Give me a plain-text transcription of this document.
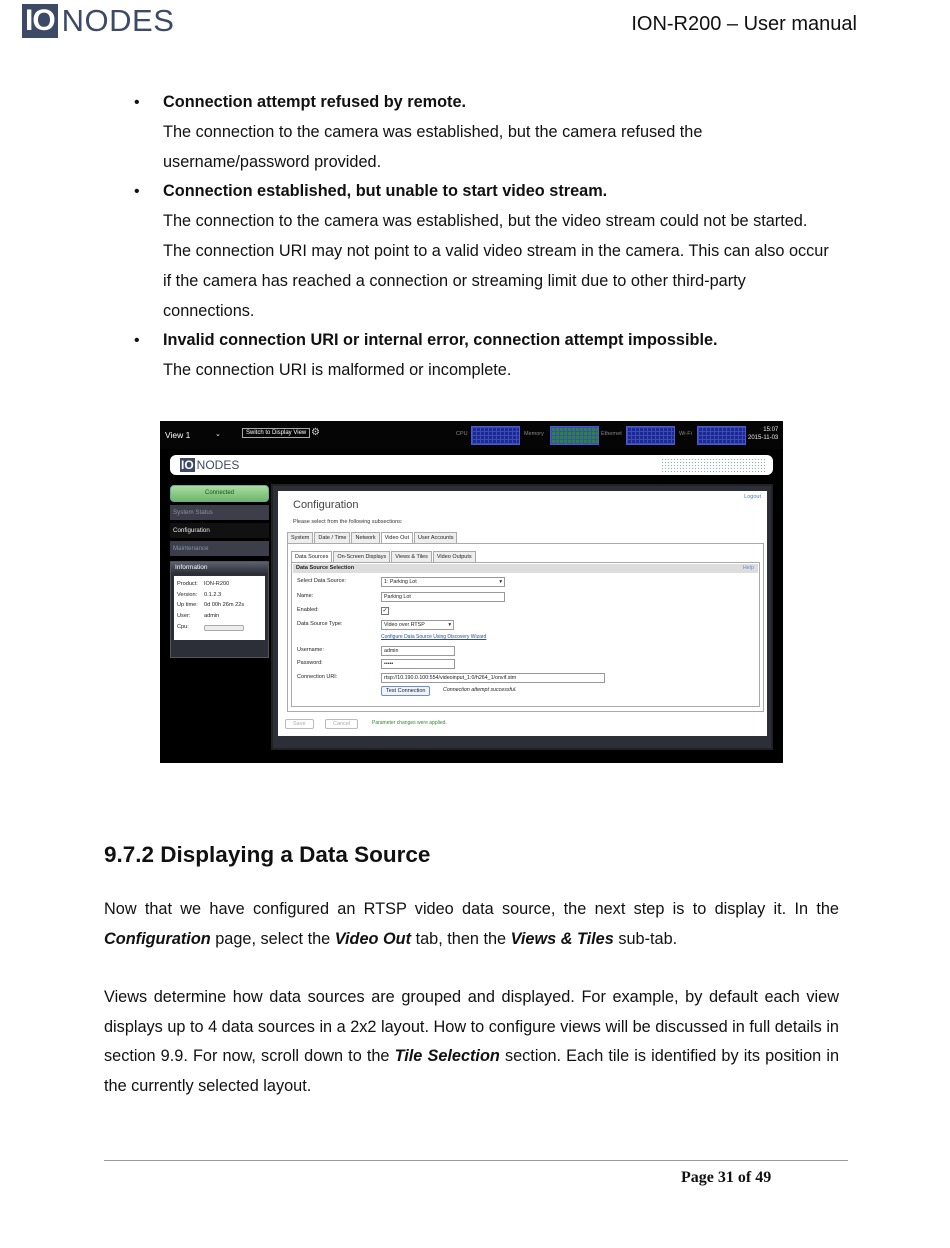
IO NODES	ION-R200 – User manual
• Connection attempt refused by remote.
The connection to the camera was established, but the camera refused the username/password provided.
• Connection established, but unable to start video stream.
The connection to the camera was established, but the video stream could not be started. The connection URI may not point to a valid video stream in the camera. This can also occur if the camera has reached a connection or streaming limit due to other third-party connections.
• Invalid connection URI or internal error, connection attempt impossible.
The connection URI is malformed or incomplete.
View 1	⌄	Switch to Display View ⚙	CPU	Memory	Ethernet	Wi-Fi
15:07
2015-11-03
IO NODES
Connected
System Status
Configuration
Maintenance
Information
Product:	ION-R200
Version:	0.1.2.3
Up time:	0d 00h 26m 22s
User:	admin
Cpu:
Logout
Configuration
Please select from the following subsections:
System	Date / Time	Network	Video Out	User Accounts
Data Sources	On-Screen Displays	Views & Tiles	Video Outputs
Data Source Selection	Help
Select Data Source:	1: Parking Lot	▾
Name:	Parking Lot
Enabled:	✓
Data Source Type:	Video over RTSP	▾
Configure Data Source Using Discovery Wizard
Username:	admin
Password:	•••••
Connection URI:	rtsp://10.190.0.100:554/videoinput_1:0/h264_1/onvif.stm
Test Connection	Connection attempt successful.
Save	Cancel	Parameter changes were applied.
9.7.2 Displaying a Data Source
Now that we have configured an RTSP video data source, the next step is to display it. In the Configuration page, select the Video Out tab, then the Views & Tiles sub-tab.
Views determine how data sources are grouped and displayed. For example, by default each view displays up to 4 data sources in a 2x2 layout. How to configure views will be discussed in full details in section 9.9. For now, scroll down to the Tile Selection section. Each tile is identified by its position in the currently selected layout.
Page 31 of 49
